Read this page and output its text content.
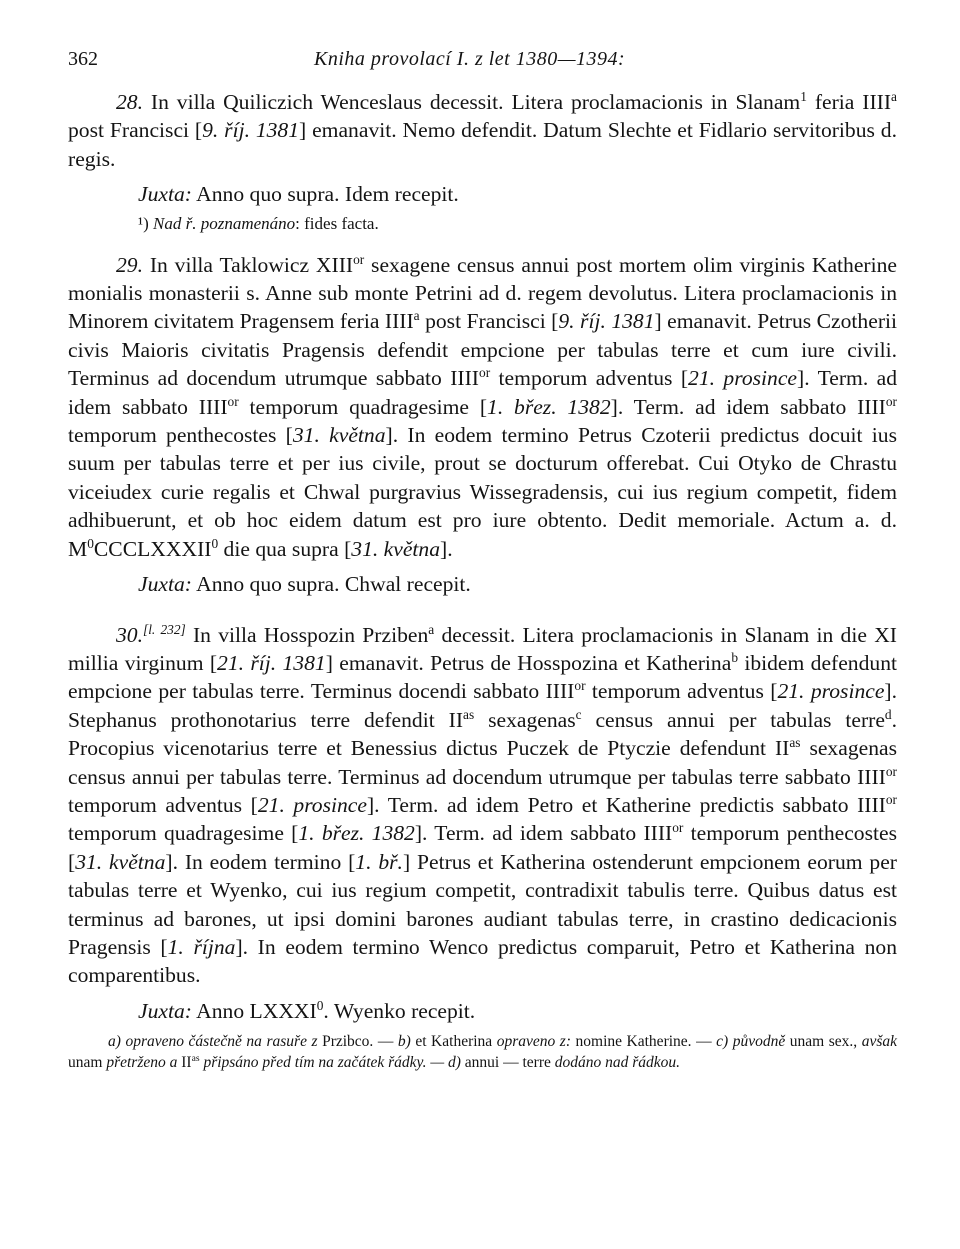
362	Kniha provolací I. z let 1380—1394:

28. In villa Quiliczich Wenceslaus decessit. Litera proclamacionis in Slanam$^1$ feria IIII$^a$ post Francisci [9. říj. 1381] emanavit. Nemo defendit. Datum Slechte et Fidlario servitoribus d. regis.

Juxta: Anno quo supra. Idem recepit.

¹) Nad ř. poznamenáno: fides facta.

29. In villa Taklowicz $XIII^{or}$ sexagene census annui post mortem olim virginis Katherine monialis monasterii s. Anne sub monte Petrini ad d. regem devolutus. Litera proclamacionis in Minorem civitatem Pragensem feria IIII$^a$ post Francisci [9. říj. 1381] emanavit. Petrus Czotherii civis Maioris civitatis Pragensis defendit empcione per tabulas terre et cum iure civili. Terminus ad docendum utrumque sabbato $IIII^{or}$ temporum adventus [21. prosince]. Term. ad idem sabbato $IIII^{or}$ temporum quadragesime [1. břez. 1382]. Term. ad idem sabbato $IIII^{or}$ temporum penthecostes [31. května]. In eodem termino Petrus Czoterii predictus docuit ius suum per tabulas terre et per ius civile, prout se docturum offerebat. Cui Otyko de Chrastu viceiudex curie regalis et Chwal purgravius Wissegradensis, cui ius regium competit, fidem adhibuerunt, et ob hoc eidem datum est pro iure obtento. Dedit memoriale. Actum a. d. $M^0CCCLXXXII^0$ die qua supra [31. května].

Juxta: Anno quo supra. Chwal recepit.

30.[l. 232] In villa Hosspozin Prziben$^a$ decessit. Litera proclamacionis in Slanam in die XI millia virginum [21. říj. 1381] emanavit. Petrus de Hosspozina et Katherina$^b$ ibidem defendunt empcione per tabulas terre. Terminus docendi sabbato $IIII^{or}$ temporum adventus [21. prosince]. Stephanus prothonotarius terre defendit $II^{as}$ sexagenas$^c$ census annui per tabulas terre$^d$. Procopius vicenotarius terre et Benessius dictus Puczek de Ptyczie defendunt $II^{as}$ sexagenas census annui per tabulas terre. Terminus ad docendum utrumque per tabulas terre sabbato $IIII^{or}$ temporum adventus [21. prosince]. Term. ad idem Petro et Katherine predictis sabbato $IIII^{or}$ temporum quadragesime [1. břez. 1382]. Term. ad idem sabbato $IIII^{or}$ temporum penthecostes [31. května]. In eodem termino [1. bř.] Petrus et Katherina ostenderunt empcionem eorum per tabulas terre et Wyenko, cui ius regium competit, contradixit tabulis terre. Quibus datus est terminus ad barones, ut ipsi domini barones audiant tabulas terre, in crastino dedicacionis Pragensis [1. října]. In eodem termino Wenco predictus comparuit, Petro et Katherina non comparentibus.

Juxta: Anno LXXXI$^0$. Wyenko recepit.

a) opraveno částečně na rasuře z Przibco. — b) et Katherina opraveno z: nomine Katherine. — c) původně unam sex., avšak unam přetrženo a $II^{as}$ připsáno před tím na začátek řádky. — d) annui — terre dodáno nad řádkou.
